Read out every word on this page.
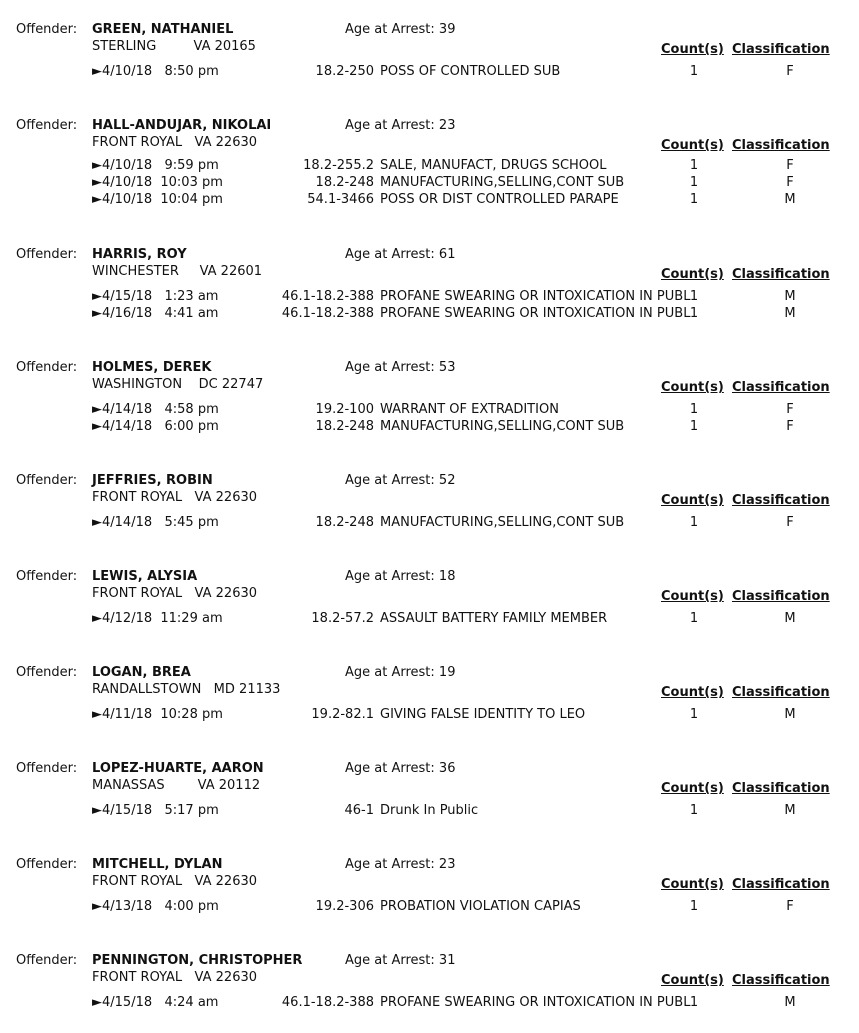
Offender: GREEN, NATHANIEL	Age at Arrest: 39
STERLING         VA 20165	Count(s) Classification
►4/10/18   8:50 pm	18.2-250 POSS OF CONTROLLED SUB	1	F
Offender: HALL-ANDUJAR, NIKOLAI	Age at Arrest: 23
FRONT ROYAL   VA 22630	Count(s) Classification
►4/10/18   9:59 pm	18.2-255.2 SALE, MANUFACT, DRUGS SCHOOL	1	F
►4/10/18  10:03 pm	18.2-248 MANUFACTURING,SELLING,CONT SUB	1	F
►4/10/18  10:04 pm	54.1-3466 POSS OR DIST CONTROLLED PARAPE	1	M
Offender: HARRIS, ROY	Age at Arrest: 61
WINCHESTER     VA 22601	Count(s) Classification
►4/15/18   1:23 am	46.1-18.2-388 PROFANE SWEARING OR INTOXICATION IN PUBL 1	M
►4/16/18   4:41 am	46.1-18.2-388 PROFANE SWEARING OR INTOXICATION IN PUBL 1	M
Offender: HOLMES, DEREK	Age at Arrest: 53
WASHINGTON    DC 22747	Count(s) Classification
►4/14/18   4:58 pm	19.2-100 WARRANT OF EXTRADITION	1	F
►4/14/18   6:00 pm	18.2-248 MANUFACTURING,SELLING,CONT SUB	1	F
Offender: JEFFRIES, ROBIN	Age at Arrest: 52
FRONT ROYAL   VA 22630	Count(s) Classification
►4/14/18   5:45 pm	18.2-248 MANUFACTURING,SELLING,CONT SUB	1	F
Offender: LEWIS, ALYSIA	Age at Arrest: 18
FRONT ROYAL   VA 22630	Count(s) Classification
►4/12/18  11:29 am	18.2-57.2 ASSAULT BATTERY FAMILY MEMBER	1	M
Offender: LOGAN, BREA	Age at Arrest: 19
RANDALLSTOWN   MD 21133	Count(s) Classification
►4/11/18  10:28 pm	19.2-82.1 GIVING FALSE IDENTITY TO LEO	1	M
Offender: LOPEZ-HUARTE, AARON	Age at Arrest: 36
MANASSAS        VA 20112	Count(s) Classification
►4/15/18   5:17 pm	46-1 Drunk In Public	1	M
Offender: MITCHELL, DYLAN	Age at Arrest: 23
FRONT ROYAL   VA 22630	Count(s) Classification
►4/13/18   4:00 pm	19.2-306 PROBATION VIOLATION CAPIAS	1	F
Offender: PENNINGTON, CHRISTOPHER	Age at Arrest: 31
FRONT ROYAL   VA 22630	Count(s) Classification
►4/15/18   4:24 am	46.1-18.2-388 PROFANE SWEARING OR INTOXICATION IN PUBL 1	M
